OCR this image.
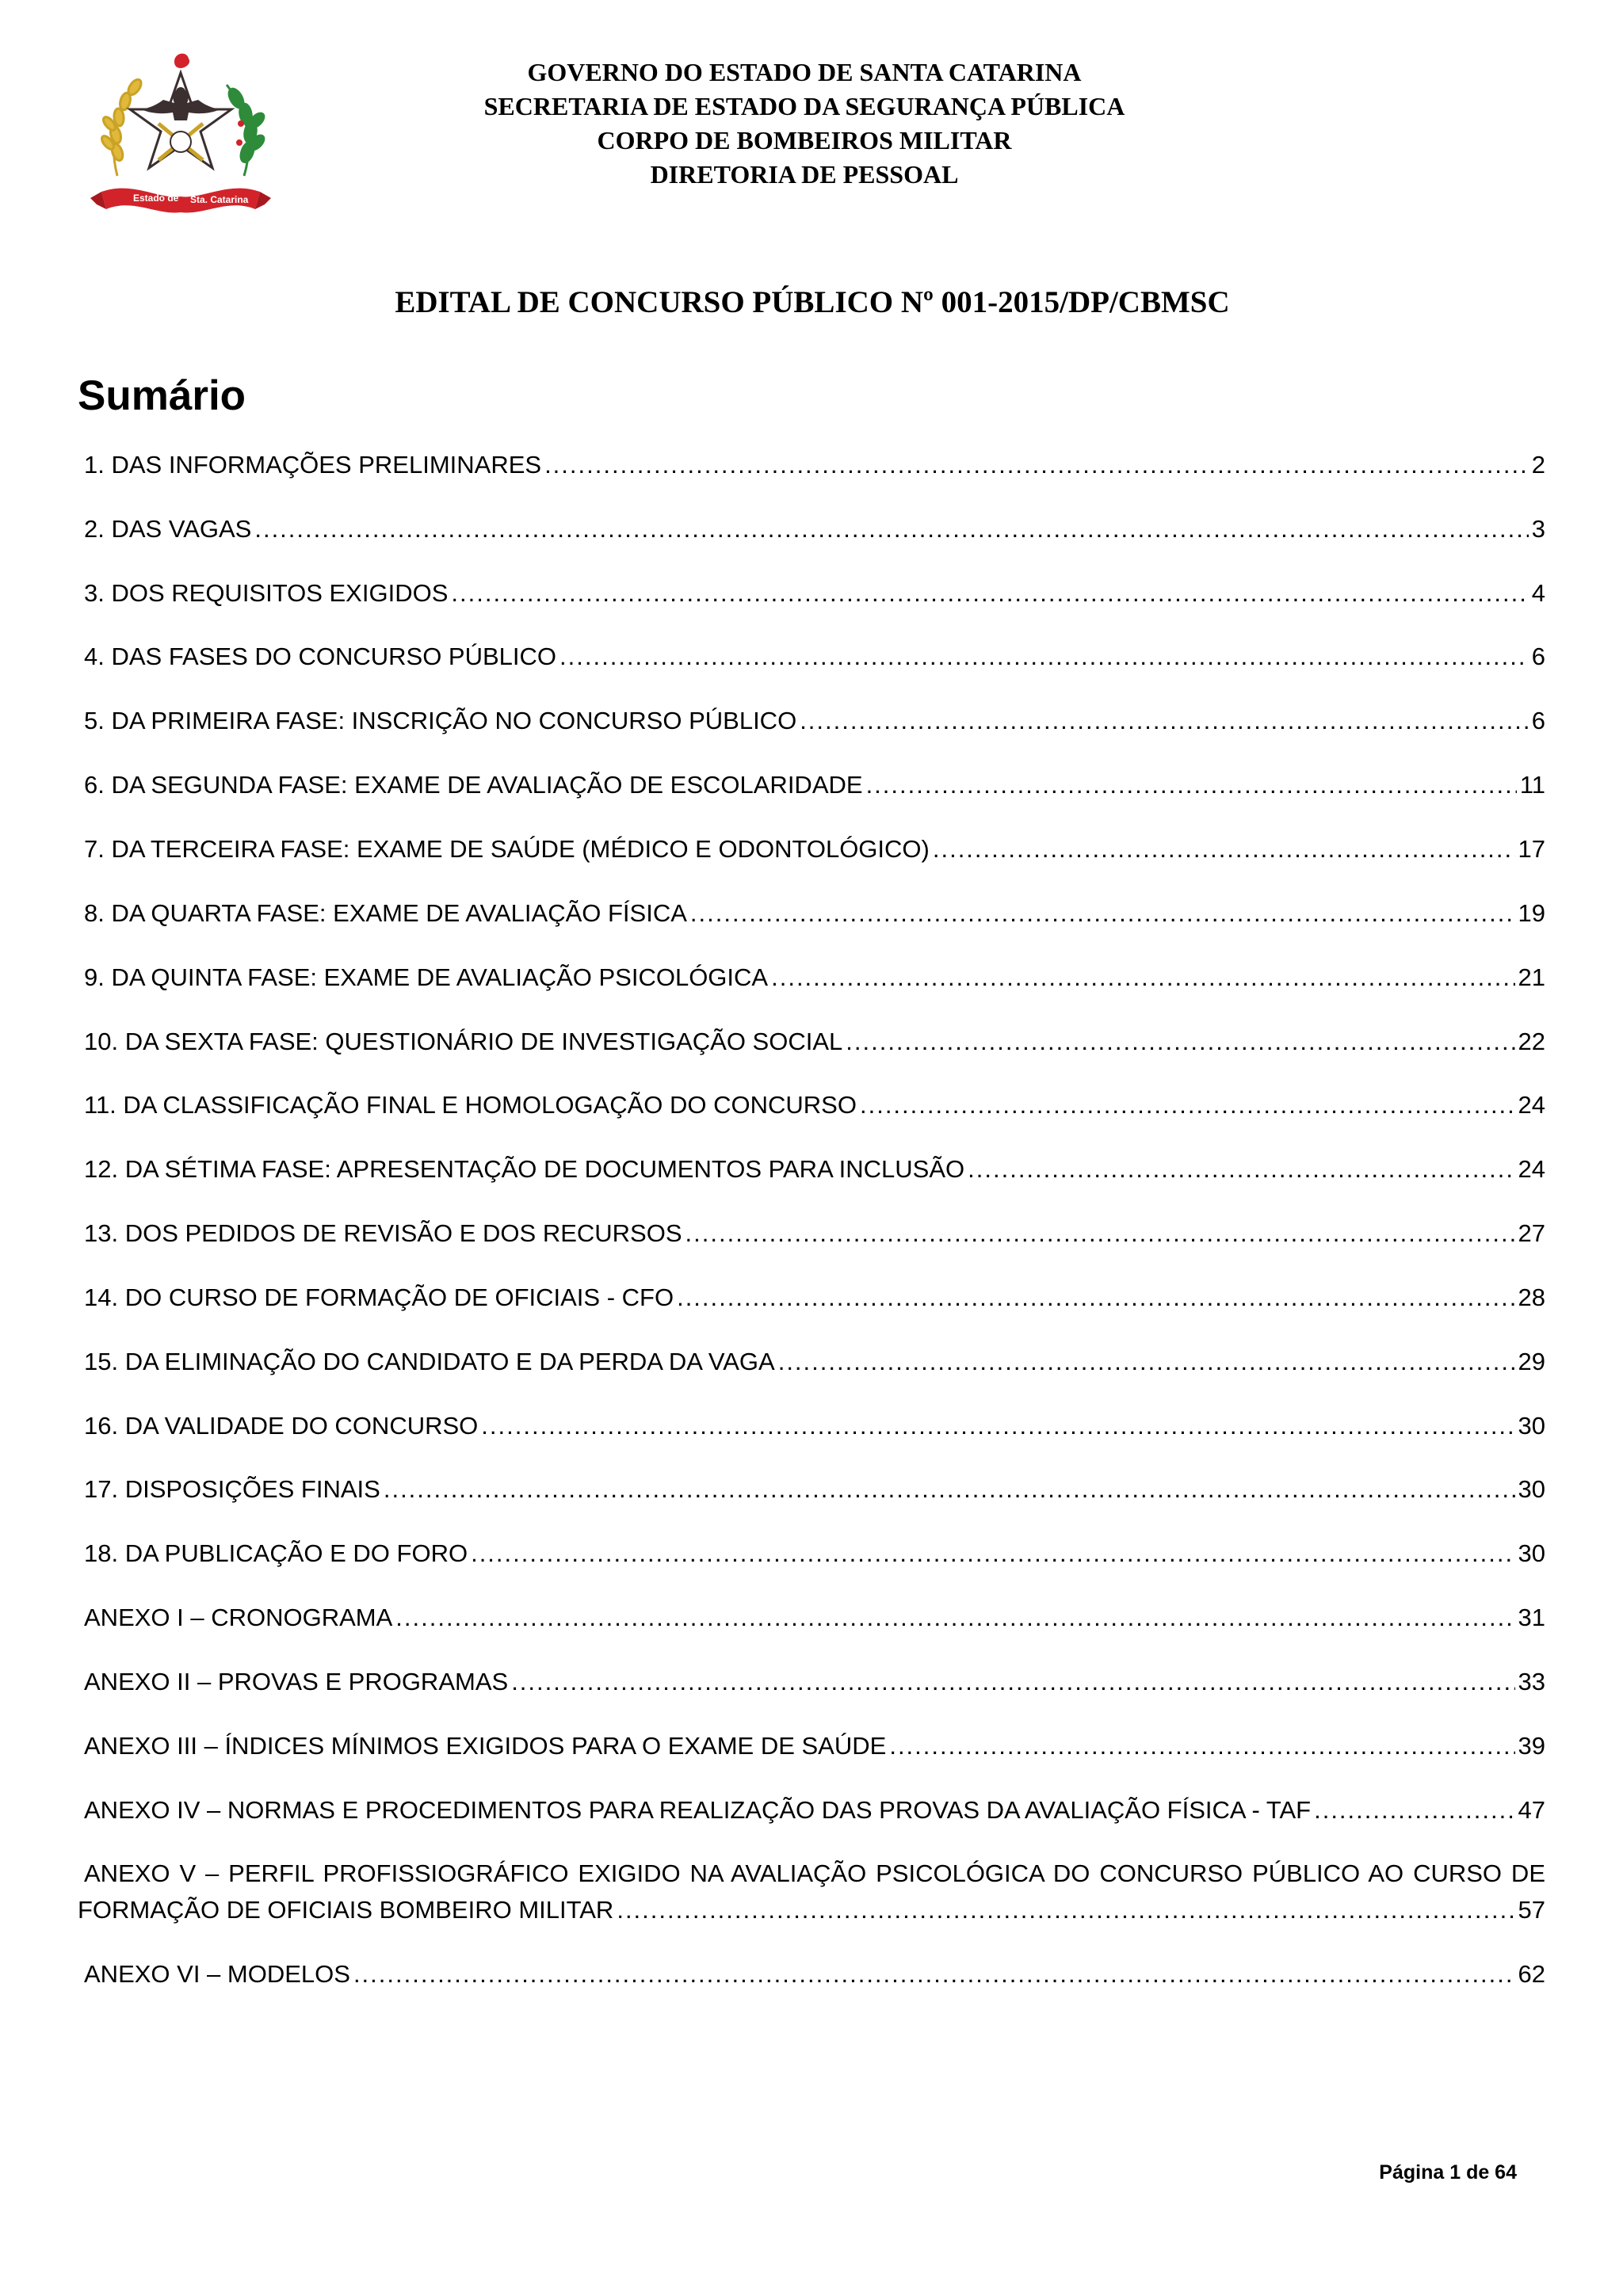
Estado de Sta. Catarina
GOVERNO DO ESTADO DE SANTA CATARINA
SECRETARIA DE ESTADO DA SEGURANÇA PÚBLICA
CORPO DE BOMBEIROS MILITAR
DIRETORIA DE PESSOAL
EDITAL DE CONCURSO PÚBLICO Nº 001-2015/DP/CBMSC
Sumário
1. DAS INFORMAÇÕES PRELIMINARES .....	2
2. DAS VAGAS .....	3
3. DOS REQUISITOS EXIGIDOS .....	4
4. DAS FASES DO CONCURSO PÚBLICO .....	6
5. DA PRIMEIRA FASE: INSCRIÇÃO NO CONCURSO PÚBLICO .....	6
6. DA SEGUNDA FASE: EXAME DE AVALIAÇÃO DE ESCOLARIDADE .....	11
7. DA TERCEIRA FASE: EXAME DE SAÚDE (MÉDICO E ODONTOLÓGICO) .....	17
8. DA QUARTA FASE: EXAME DE AVALIAÇÃO FÍSICA .....	19
9. DA QUINTA FASE: EXAME DE AVALIAÇÃO PSICOLÓGICA .....	21
10. DA SEXTA FASE: QUESTIONÁRIO DE INVESTIGAÇÃO SOCIAL .....	22
11. DA CLASSIFICAÇÃO FINAL E HOMOLOGAÇÃO DO CONCURSO .....	24
12. DA SÉTIMA FASE: APRESENTAÇÃO DE DOCUMENTOS PARA INCLUSÃO .....	24
13. DOS PEDIDOS DE REVISÃO E DOS RECURSOS .....	27
14. DO CURSO DE FORMAÇÃO DE OFICIAIS - CFO .....	28
15. DA ELIMINAÇÃO DO CANDIDATO E DA PERDA DA VAGA .....	29
16. DA VALIDADE DO CONCURSO .....	30
17. DISPOSIÇÕES FINAIS .....	30
18. DA PUBLICAÇÃO E DO FORO .....	30
ANEXO I – CRONOGRAMA .....	31
ANEXO II – PROVAS E PROGRAMAS .....	33
ANEXO III – ÍNDICES MÍNIMOS EXIGIDOS PARA O EXAME DE SAÚDE .....	39
ANEXO IV – NORMAS E PROCEDIMENTOS PARA REALIZAÇÃO DAS PROVAS DA AVALIAÇÃO FÍSICA - TAF .....	47
ANEXO V – PERFIL PROFISSIOGRÁFICO EXIGIDO NA AVALIAÇÃO PSICOLÓGICA DO CONCURSO PÚBLICO AO CURSO DE
FORMAÇÃO DE OFICIAIS BOMBEIRO MILITAR .....	57
ANEXO VI – MODELOS .....	62
Página 1 de 64
